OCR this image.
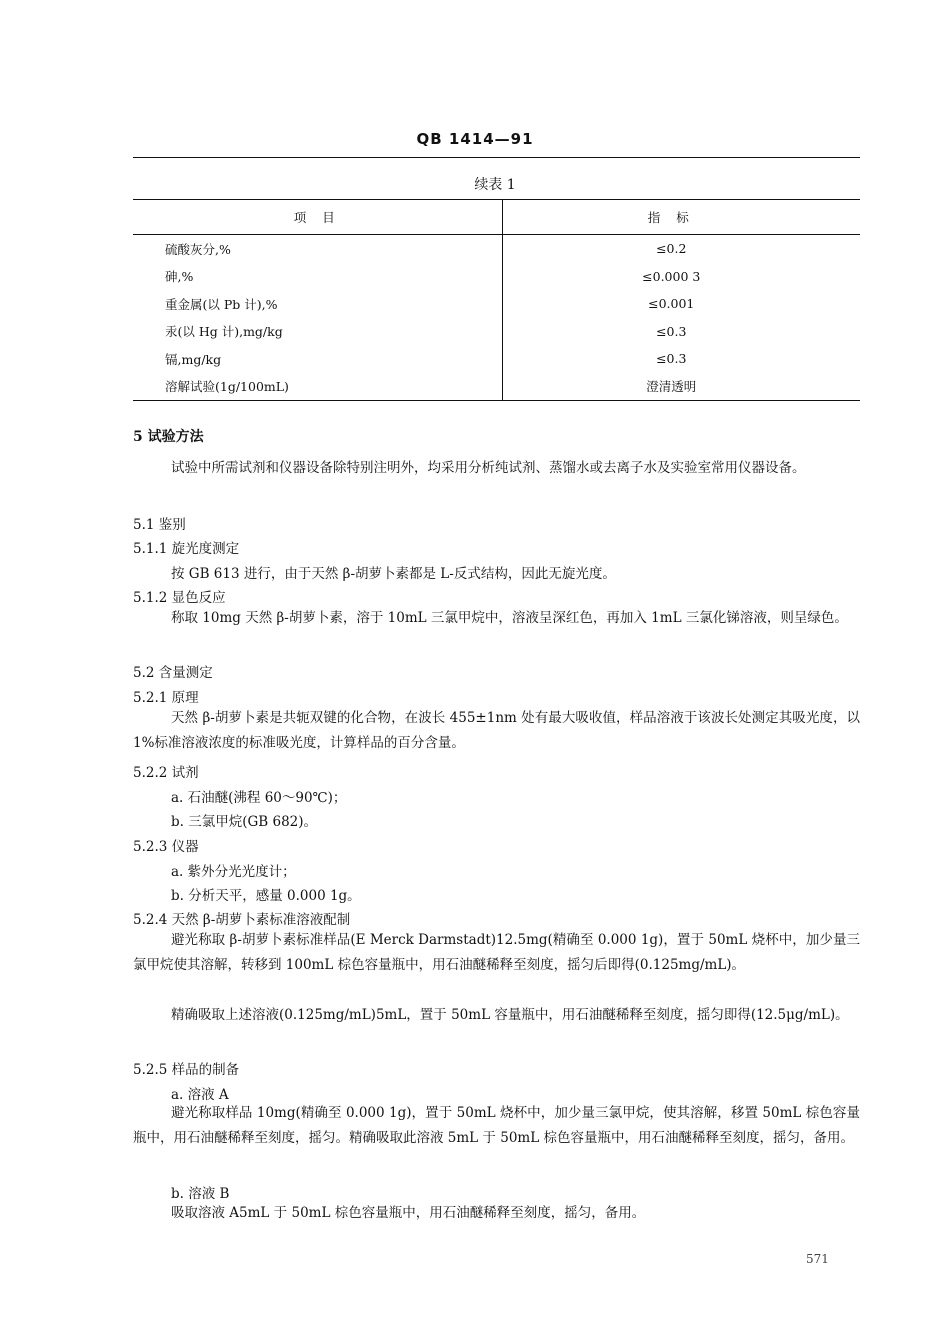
QB 1414—91
续表 1
项 目	指 标
硫酸灰分,%	≤0.2
砷,%	≤0.000 3
重金属(以 Pb 计),%	≤0.001
汞(以 Hg 计),mg/kg	≤0.3
镉,mg/kg	≤0.3
溶解试验(1g/100mL)	澄清透明
5 试验方法
试验中所需试剂和仪器设备除特别注明外，均采用分析纯试剂、蒸馏水或去离子水及实验室常用仪器设备。
5.1 鉴别
5.1.1 旋光度测定
按 GB 613 进行，由于天然 β-胡萝卜素都是 L-反式结构，因此无旋光度。
5.1.2 显色反应
称取 10mg 天然 β-胡萝卜素，溶于 10mL 三氯甲烷中，溶液呈深红色，再加入 1mL 三氯化锑溶液，则呈绿色。
5.2 含量测定
5.2.1 原理
天然 β-胡萝卜素是共轭双键的化合物，在波长 455±1nm 处有最大吸收值，样品溶液于该波长处测定其吸光度，以 1%标准溶液浓度的标准吸光度，计算样品的百分含量。
5.2.2 试剂
a. 石油醚(沸程 60～90℃)；
b. 三氯甲烷(GB 682)。
5.2.3 仪器
a. 紫外分光光度计；
b. 分析天平，感量 0.000 1g。
5.2.4 天然 β-胡萝卜素标准溶液配制
避光称取 β-胡萝卜素标准样品(E Merck Darmstadt)12.5mg(精确至 0.000 1g)，置于 50mL 烧杯中，加少量三氯甲烷使其溶解，转移到 100mL 棕色容量瓶中，用石油醚稀释至刻度，摇匀后即得(0.125mg/mL)。
精确吸取上述溶液(0.125mg/mL)5mL，置于 50mL 容量瓶中，用石油醚稀释至刻度，摇匀即得(12.5μg/mL)。
5.2.5 样品的制备
a. 溶液 A
避光称取样品 10mg(精确至 0.000 1g)，置于 50mL 烧杯中，加少量三氯甲烷，使其溶解，移置 50mL 棕色容量瓶中，用石油醚稀释至刻度，摇匀。精确吸取此溶液 5mL 于 50mL 棕色容量瓶中，用石油醚稀释至刻度，摇匀，备用。
b. 溶液 B
吸取溶液 A5mL 于 50mL 棕色容量瓶中，用石油醚稀释至刻度，摇匀，备用。
571
